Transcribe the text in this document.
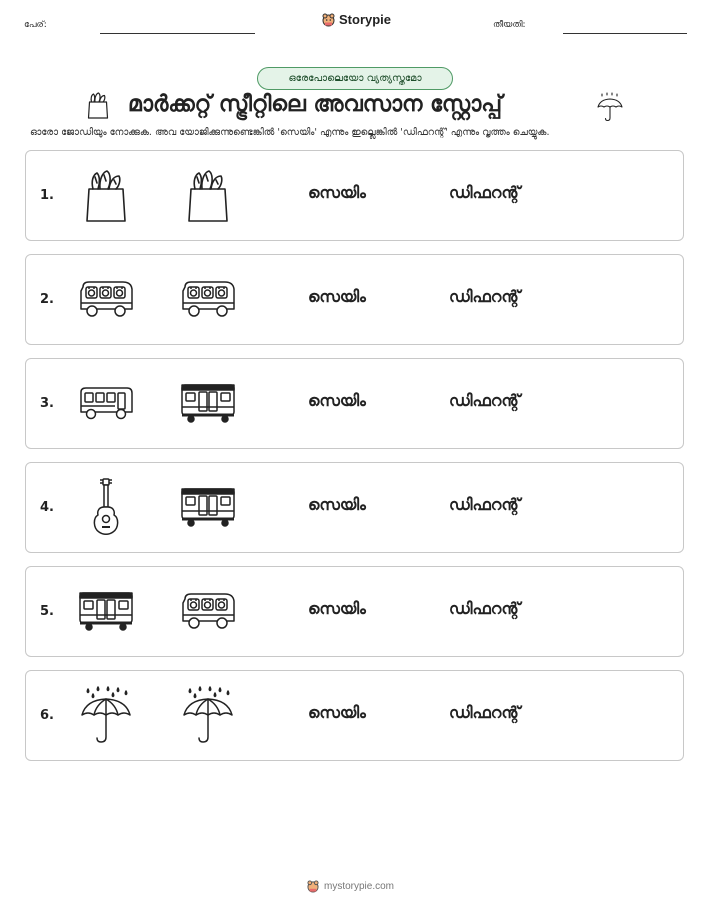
പേര്:	Storypie	തീയതി:
ഒരേപോലെയോ വ്യത്യസ്തമോ
മാർക്കറ്റ് സ്ട്രീറ്റിലെ അവസാന സ്റ്റോപ്പ്
ഓരോ ജോഡിയും നോക്കുക. അവ യോജിക്കുന്നുണ്ടെങ്കിൽ 'സെയിം' എന്നും ഇല്ലെങ്കിൽ 'ഡിഫറന്റ്' എന്നും വൃത്തം ചെയ്യുക.
1.	സെയിം	ഡിഫറന്റ്
2.	സെയിം	ഡിഫറന്റ്
3.	സെയിം	ഡിഫറന്റ്
4.	സെയിം	ഡിഫറന്റ്
5.	സെയിം	ഡിഫറന്റ്
6.	സെയിം	ഡിഫറന്റ്
mystorypie.com
